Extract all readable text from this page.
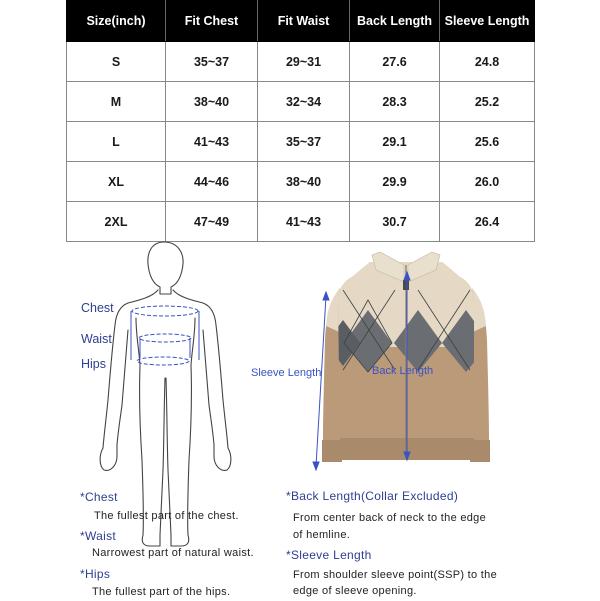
Size(inch)	Fit Chest	Fit Waist	Back Length	Sleeve Length
S	35~37	29~31	27.6	24.8
M	38~40	32~34	28.3	25.2
L	41~43	35~37	29.1	25.6
XL	44~46	38~40	29.9	26.0
2XL	47~49	41~43	30.7	26.4
Chest
Waist
Hips
Sleeve Length	Back Length
*Chest
The fullest part of the chest.
*Waist
Narrowest part of natural waist.
*Hips
The fullest part of the hips.
*Back Length(Collar Excluded)
From center back of neck to the edge
of hemline.
*Sleeve Length
From shoulder sleeve point(SSP) to the
edge of sleeve opening.
